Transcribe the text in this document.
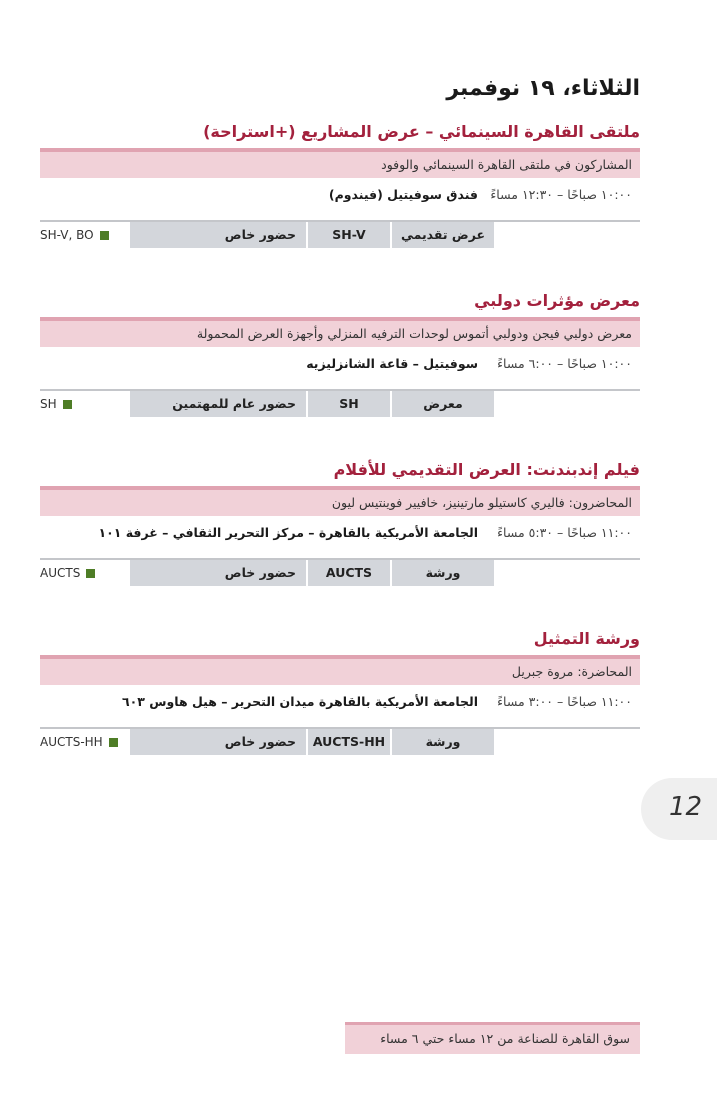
الثلاثاء، ١٩ نوفمبر
ملتقى القاهرة السينمائي – عرض المشاريع (+استراحة)
المشاركون في ملتقى القاهرة السينمائي والوفود
١٠:٠٠ صباحًا – ١٢:٣٠ مساءً
فندق سوفيتيل (فيندوم)
عرض تقديمي
SH-V
حضور خاص
SH-V, BO
معرض مؤثرات دولبي
معرض دولبي فيجن ودولبي أتموس لوحدات الترفيه المنزلي وأجهزة العرض المحمولة
١٠:٠٠ صباحًا – ٦:٠٠ مساءً
سوفيتيل – قاعة الشانزليزيه
معرض
SH
حضور عام للمهتمين
SH
فيلم إندبندنت: العرض التقديمي للأفلام
المحاضرون: فاليري كاستيلو مارتينيز، خافيير فوينتيس ليون
١١:٠٠ صباحًا – ٥:٣٠ مساءً
الجامعة الأمريكية بالقاهرة – مركز التحرير الثقافي – غرفة ١٠١
ورشة
AUCTS
حضور خاص
AUCTS
ورشة التمثيل
المحاضرة: مروة جبريل
١١:٠٠ صباحًا – ٣:٠٠ مساءً
الجامعة الأمريكية بالقاهرة ميدان التحرير – هيل هاوس ٦٠٣
ورشة
AUCTS-HH
حضور خاص
AUCTS-HH
12
سوق القاهرة للصناعة من ١٢ مساء حتي ٦ مساء
